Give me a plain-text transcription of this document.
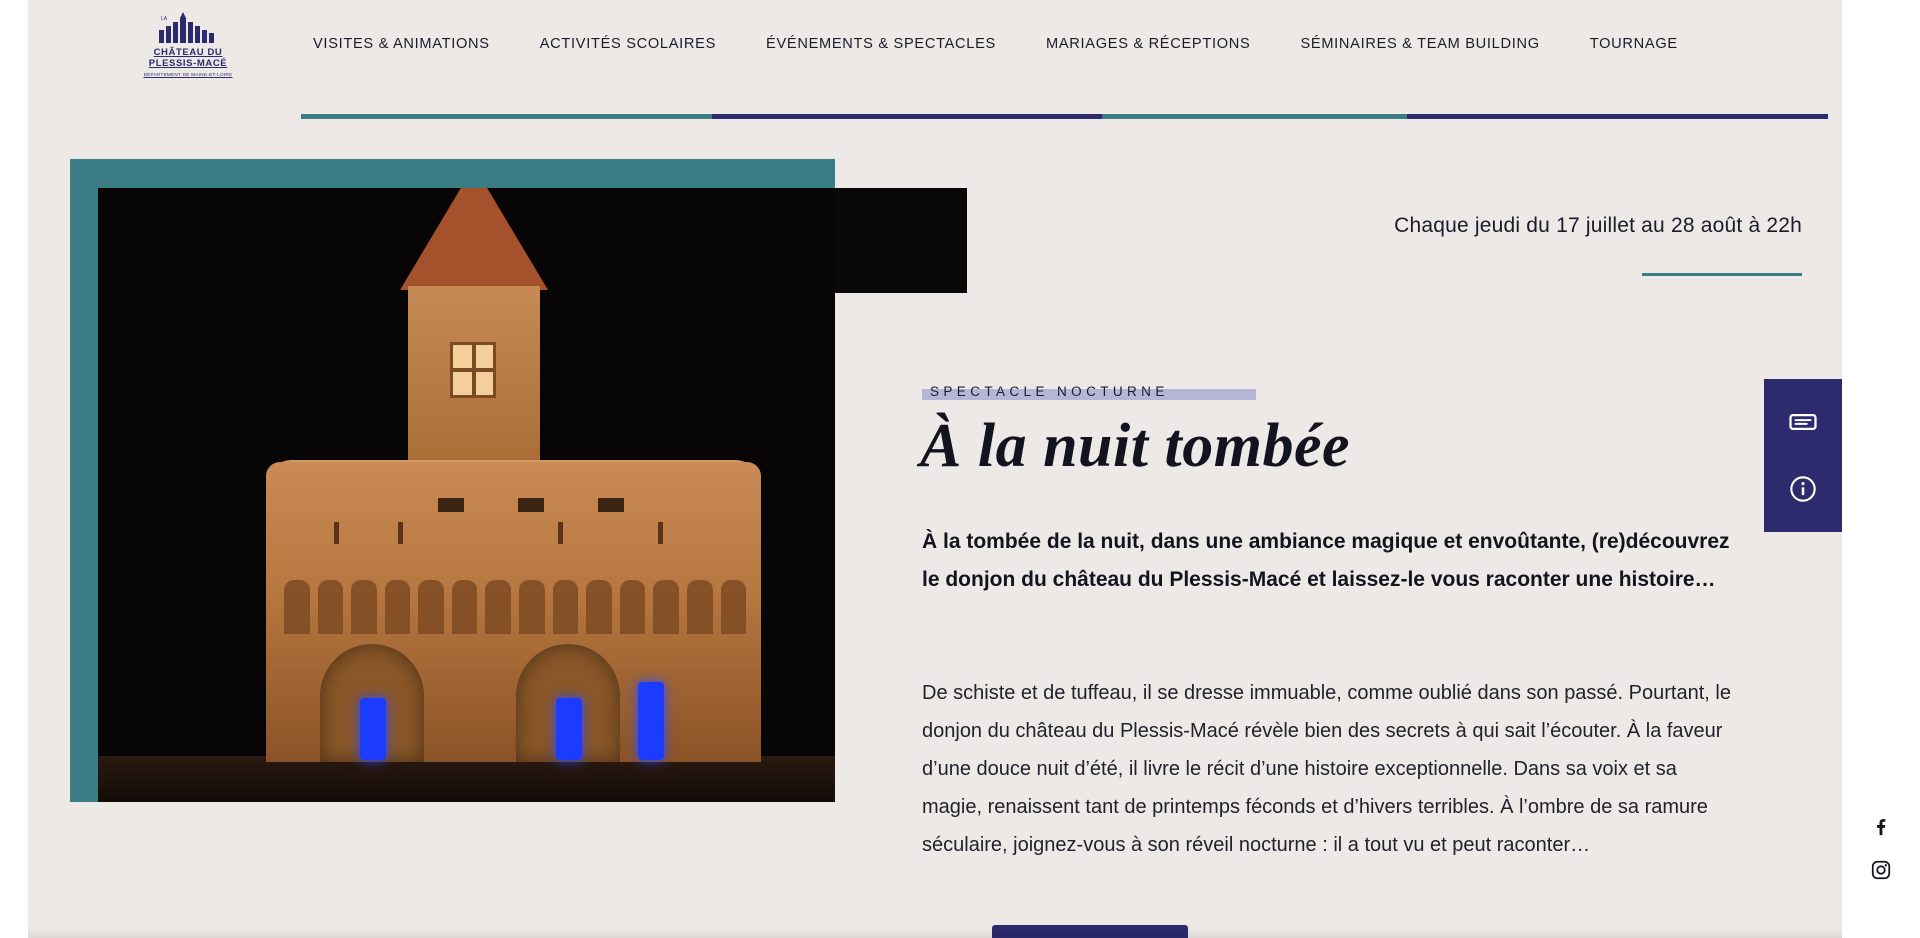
LA
CHÂTEAU DU PLESSIS-MACÉ
DÉPARTEMENT DE MAINE-ET-LOIRE
VISITES & ANIMATIONS	ACTIVITÉS SCOLAIRES	ÉVÉNEMENTS & SPECTACLES	MARIAGES & RÉCEPTIONS	SÉMINAIRES & TEAM BUILDING	TOURNAGE
Chaque jeudi du 17 juillet au 28 août à 22h
SPECTACLE NOCTURNE
À la nuit tombée

À la tombée de la nuit, dans une ambiance magique et envoûtante, (re)découvrez le donjon du château du Plessis-Macé et laissez-le vous raconter une histoire…

De schiste et de tuffeau, il se dresse immuable, comme oublié dans son passé. Pourtant, le donjon du château du Plessis-Macé révèle bien des secrets à qui sait l’écouter. À la faveur d’une douce nuit d’été, il livre le récit d’une histoire exceptionnelle. Dans sa voix et sa magie, renaissent tant de printemps féconds et d’hivers terribles. À l’ombre de sa ramure séculaire, joignez-vous à son réveil nocturne : il a tout vu et peut raconter…
